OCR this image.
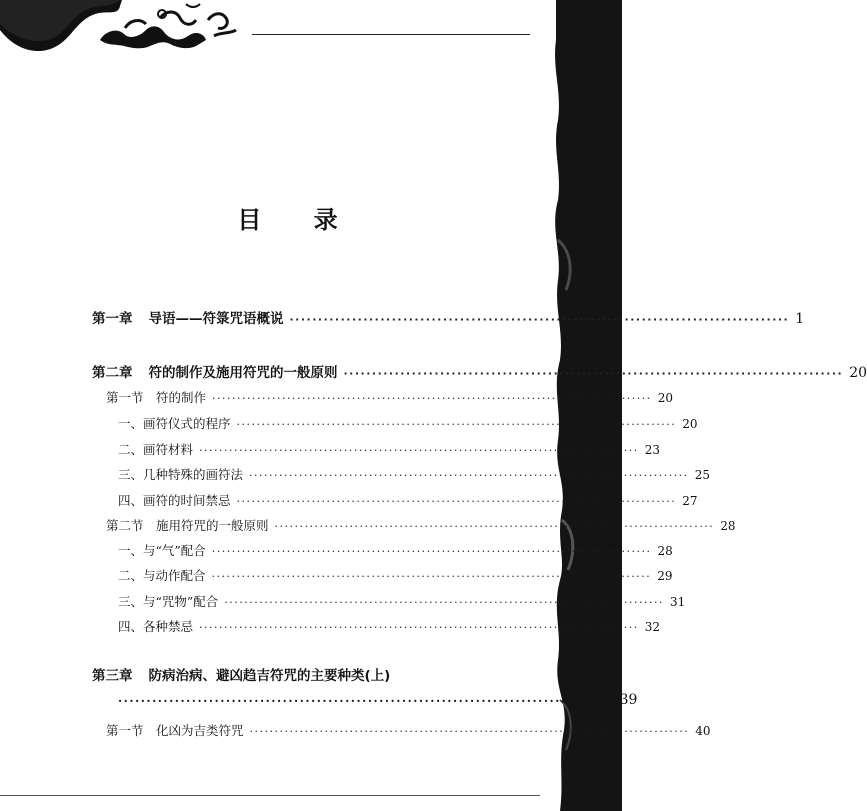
目 录
第一章 导语——符箓咒语概说 ························································································ 1
第二章 符的制作及施用符咒的一般原则 ························································································ 20
第一节　符的制作 ························································································ 20
一、画符仪式的程序 ························································································ 20
二、画符材料 ························································································ 23
三、几种特殊的画符法 ························································································ 25
四、画符的时间禁忌 ························································································ 27
第二节　施用符咒的一般原则 ························································································ 28
一、与“气”配合 ························································································ 28
二、与动作配合 ························································································ 29
三、与“咒物”配合 ························································································ 31
四、各种禁忌 ························································································ 32
第三章 防病治病、避凶趋吉符咒的主要种类(上)
························································································ 39
第一节　化凶为吉类符咒 ························································································ 40
